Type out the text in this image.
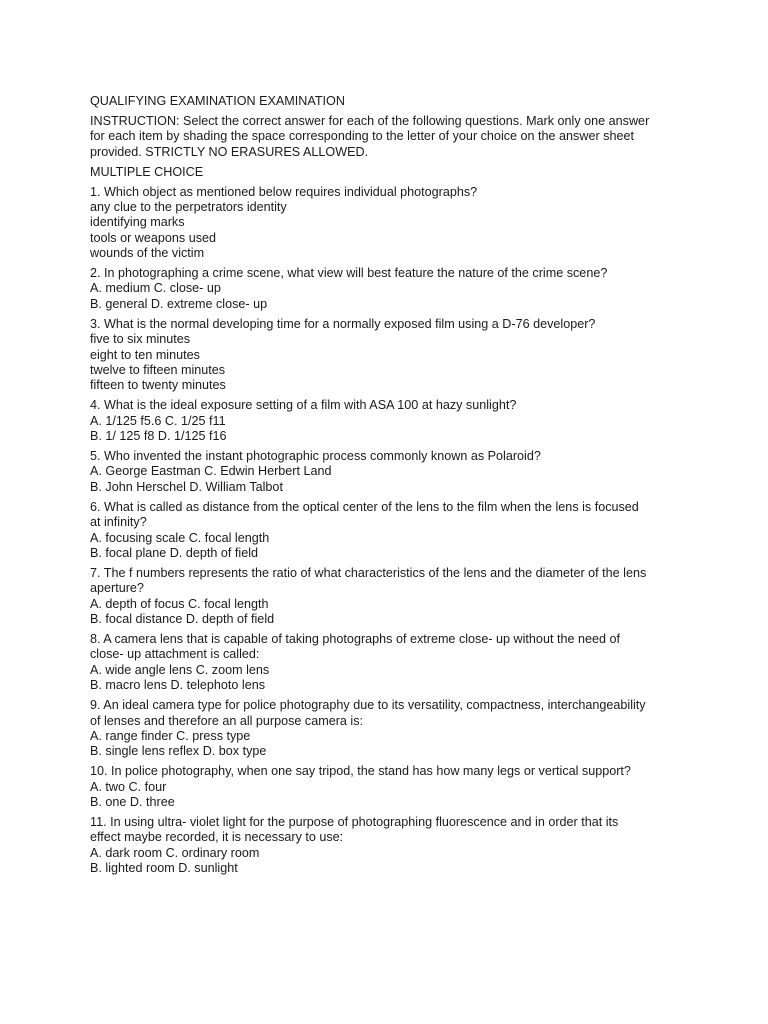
QUALIFYING EXAMINATION EXAMINATION
INSTRUCTION: Select the correct answer for each of the following questions. Mark only one answer
for each item by shading the space corresponding to the letter of your choice on the answer sheet
provided. STRICTLY NO ERASURES ALLOWED.
MULTIPLE CHOICE
1. Which object as mentioned below requires individual photographs?
any clue to the perpetrators identity
identifying marks
tools or weapons used
wounds of the victim
2. In photographing a crime scene, what view will best feature the nature of the crime scene?
A. medium C. close- up
B. general D. extreme close- up
3. What is the normal developing time for a normally exposed film using a D-76 developer?
five to six minutes
eight to ten minutes
twelve to fifteen minutes
fifteen to twenty minutes
4. What is the ideal exposure setting of a film with ASA 100 at hazy sunlight?
A. 1/125 f5.6 C. 1/25 f11
B. 1/ 125 f8 D. 1/125 f16
5. Who invented the instant photographic process commonly known as Polaroid?
A. George Eastman C. Edwin Herbert Land
B. John Herschel D. William Talbot
6. What is called as distance from the optical center of the lens to the film when the lens is focused
at infinity?
A. focusing scale C. focal length
B. focal plane D. depth of field
7. The f numbers represents the ratio of what characteristics of the lens and the diameter of the lens
aperture?
A. depth of focus C. focal length
B. focal distance D. depth of field
8. A camera lens that is capable of taking photographs of extreme close- up without the need of
close- up attachment is called:
A. wide angle lens C. zoom lens
B. macro lens D. telephoto lens
9. An ideal camera type for police photography due to its versatility, compactness, interchangeability
of lenses and therefore an all purpose camera is:
A. range finder C. press type
B. single lens reflex D. box type
10. In police photography, when one say tripod, the stand has how many legs or vertical support?
A. two C. four
B. one D. three
11. In using ultra- violet light for the purpose of photographing fluorescence and in order that its
effect maybe recorded, it is necessary to use:
A. dark room C. ordinary room
B. lighted room D. sunlight
